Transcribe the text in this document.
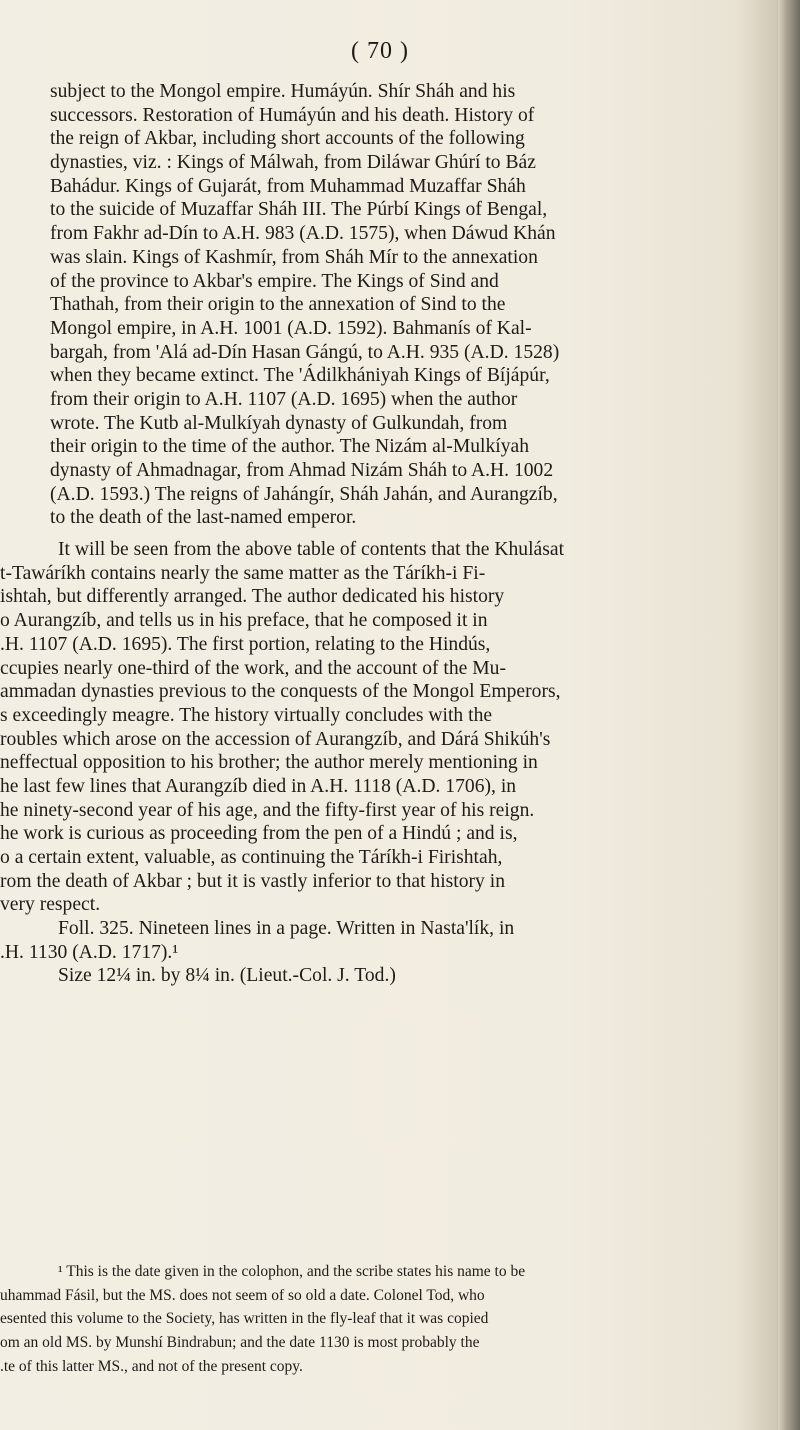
( 70 )
subject to the Mongol empire. Humáyún. Shír Sháh and his
successors. Restoration of Humáyún and his death. History of
the reign of Akbar, including short accounts of the following
dynasties, viz. : Kings of Málwah, from Diláwar Ghúrí to Báz
Bahádur. Kings of Gujarát, from Muhammad Muzaffar Sháh
to the suicide of Muzaffar Sháh III. The Púrbí Kings of Bengal,
from Fakhr ad-Dín to A.H. 983 (A.D. 1575), when Dáwud Khán
was slain. Kings of Kashmír, from Sháh Mír to the annexation
of the province to Akbar's empire. The Kings of Sind and
Thathah, from their origin to the annexation of Sind to the
Mongol empire, in A.H. 1001 (A.D. 1592). Bahmanís of Kal-
bargah, from 'Alá ad-Dín Hasan Gángú, to A.H. 935 (A.D. 1528)
when they became extinct. The 'Ádilkhániyah Kings of Bíjápúr,
from their origin to A.H. 1107 (A.D. 1695) when the author
wrote. The Kutb al-Mulkíyah dynasty of Gulkundah, from
their origin to the time of the author. The Nizám al-Mulkíyah
dynasty of Ahmadnagar, from Ahmad Nizám Sháh to A.H. 1002
(A.D. 1593.) The reigns of Jahángír, Sháh Jahán, and Aurangzíb,
to the death of the last-named emperor.
It will be seen from the above table of contents that the Khulásat
t-Tawáríkh contains nearly the same matter as the Táríkh-i Fi-
ishtah, but differently arranged. The author dedicated his history
o Aurangzíb, and tells us in his preface, that he composed it in
.H. 1107 (A.D. 1695). The first portion, relating to the Hindús,
ccupies nearly one-third of the work, and the account of the Mu-
ammadan dynasties previous to the conquests of the Mongol Emperors,
s exceedingly meagre. The history virtually concludes with the
roubles which arose on the accession of Aurangzíb, and Dárá Shikúh's
neffectual opposition to his brother; the author merely mentioning in
he last few lines that Aurangzíb died in A.H. 1118 (A.D. 1706), in
he ninety-second year of his age, and the fifty-first year of his reign.
he work is curious as proceeding from the pen of a Hindú ; and is,
o a certain extent, valuable, as continuing the Táríkh-i Firishtah,
rom the death of Akbar ; but it is vastly inferior to that history in
very respect.
Foll. 325. Nineteen lines in a page. Written in Nasta'lík, in
.H. 1130 (A.D. 1717).¹
Size 12¼ in. by 8¼ in. (Lieut.-Col. J. Tod.)
¹ This is the date given in the colophon, and the scribe states his name to be
uhammad Fásil, but the MS. does not seem of so old a date. Colonel Tod, who
esented this volume to the Society, has written in the fly-leaf that it was copied
om an old MS. by Munshí Bindrabun; and the date 1130 is most probably the
.te of this latter MS., and not of the present copy.
